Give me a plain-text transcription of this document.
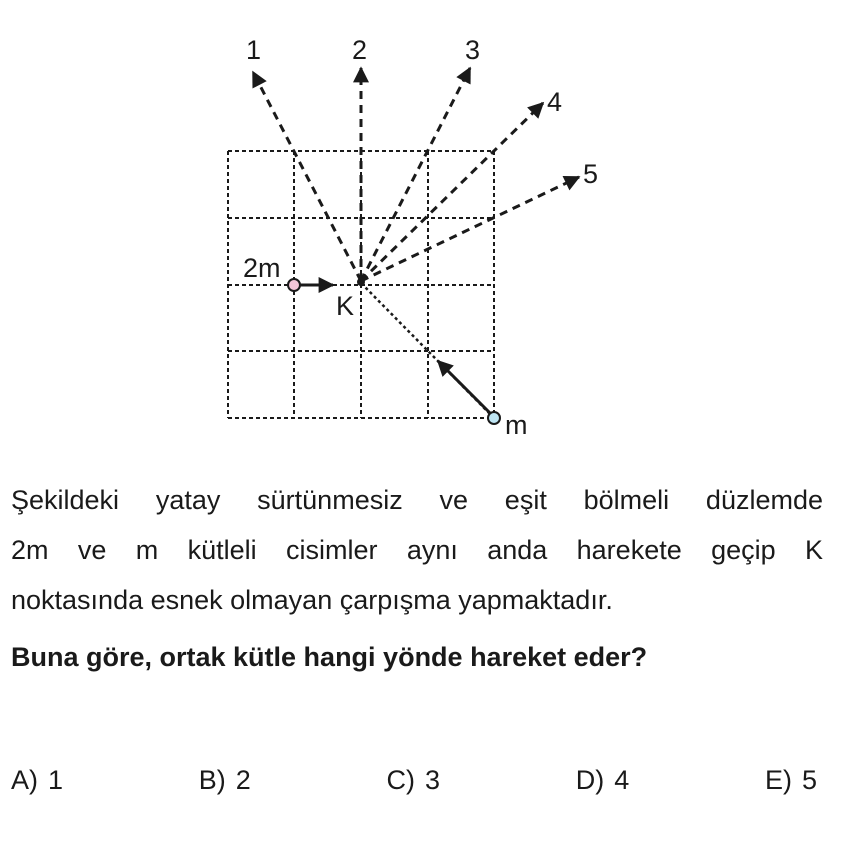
1	2	3
4
5
2m
K
m
Şekildeki yatay sürtünmesiz ve eşit bölmeli düzlemde
2m ve m kütleli cisimler aynı anda harekete geçip K
noktasında esnek olmayan çarpışma yapmaktadır.
Buna göre, ortak kütle hangi yönde hareket eder?
A) 1	B) 2	C) 3	D) 4	E) 5
